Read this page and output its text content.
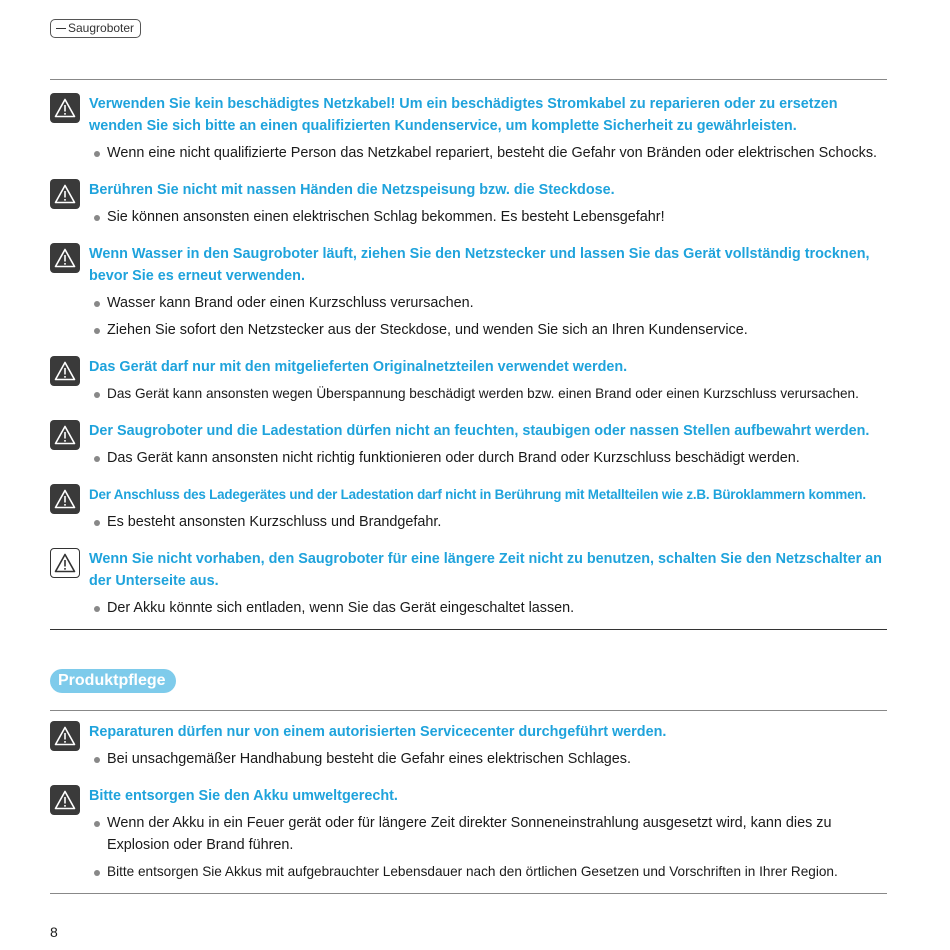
Saugroboter

Verwenden Sie kein beschädigtes Netzkabel! Um ein beschädigtes Stromkabel zu reparieren oder zu ersetzen wenden Sie sich bitte an einen qualifizierten Kundenservice, um komplette Sicherheit zu gewährleisten.

Wenn eine nicht qualifizierte Person das Netzkabel repariert, besteht die Gefahr von Bränden oder elektrischen Schocks.

Berühren Sie nicht mit nassen Händen die Netzspeisung bzw. die Steckdose.

Sie können ansonsten einen elektrischen Schlag bekommen. Es besteht Lebensgefahr!

Wenn Wasser in den Saugroboter läuft, ziehen Sie den Netzstecker und lassen Sie das Gerät vollständig trocknen, bevor Sie es erneut verwenden.

Wasser kann Brand oder einen Kurzschluss verursachen.
Ziehen Sie sofort den Netzstecker aus der Steckdose, und wenden Sie sich an Ihren Kundenservice.

Das Gerät darf nur mit den mitgelieferten Originalnetzteilen verwendet werden.

Das Gerät kann ansonsten wegen Überspannung beschädigt werden bzw. einen Brand oder einen Kurzschluss verursachen.

Der Saugroboter und die Ladestation dürfen nicht an feuchten, staubigen oder nassen Stellen aufbewahrt werden.

Das Gerät kann ansonsten nicht richtig funktionieren oder durch Brand oder Kurzschluss beschädigt werden.

Der Anschluss des Ladegerätes und der Ladestation darf nicht in Berührung mit Metallteilen wie z.B. Büroklammern kommen.

Es besteht ansonsten Kurzschluss und Brandgefahr.

Wenn Sie nicht vorhaben, den Saugroboter für eine längere Zeit nicht zu benutzen, schalten Sie den Netzschalter an der Unterseite aus.

Der Akku könnte sich entladen, wenn Sie das Gerät eingeschaltet lassen.
Produktpflege

Reparaturen dürfen nur von einem autorisierten Servicecenter durchgeführt werden.

Bei unsachgemäßer Handhabung besteht die Gefahr eines elektrischen Schlages.

Bitte entsorgen Sie den Akku umweltgerecht.

Wenn der Akku in ein Feuer gerät oder für längere Zeit direkter Sonneneinstrahlung ausgesetzt wird, kann dies zu Explosion oder Brand führen.
Bitte entsorgen Sie Akkus mit aufgebrauchter Lebensdauer nach den örtlichen Gesetzen und Vorschriften in Ihrer Region.
8
